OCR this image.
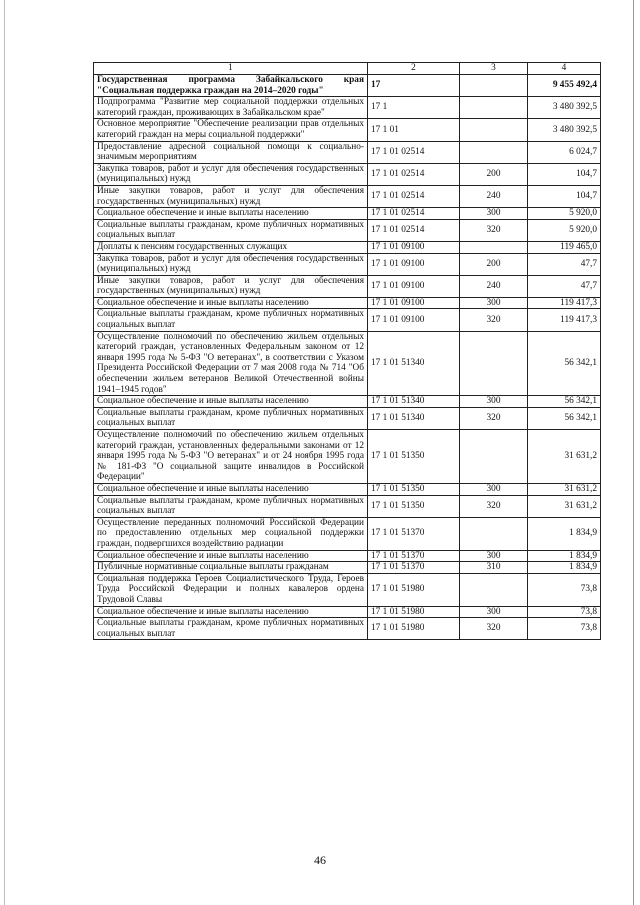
1	2	3	4
Государственная программа Забайкальского края "Социальная поддержка граждан на 2014–2020 годы"	17		9 455 492,4
Подпрограмма "Развитие мер социальной поддержки отдельных категорий граждан, проживающих в Забайкальском крае"	17 1		3 480 392,5
Основное мероприятие "Обеспечение реализации прав отдельных категорий граждан на меры социальной поддержки"	17 1 01		3 480 392,5
Предоставление адресной социальной помощи к социально-значимым мероприятиям	17 1 01 02514		6 024,7
Закупка товаров, работ и услуг для обеспечения государственных (муниципальных) нужд	17 1 01 02514	200	104,7
Иные закупки товаров, работ и услуг для обеспечения государственных (муниципальных) нужд	17 1 01 02514	240	104,7
Социальное обеспечение и иные выплаты населению	17 1 01 02514	300	5 920,0
Социальные выплаты гражданам, кроме публичных нормативных социальных выплат	17 1 01 02514	320	5 920,0
Доплаты к пенсиям государственных служащих	17 1 01 09100		119 465,0
Закупка товаров, работ и услуг для обеспечения государственных (муниципальных) нужд	17 1 01 09100	200	47,7
Иные закупки товаров, работ и услуг для обеспечения государственных (муниципальных) нужд	17 1 01 09100	240	47,7
Социальное обеспечение и иные выплаты населению	17 1 01 09100	300	119 417,3
Социальные выплаты гражданам, кроме публичных нормативных социальных выплат	17 1 01 09100	320	119 417,3
Осуществление полномочий по обеспечению жильем отдельных категорий граждан, установленных Федеральным законом от 12 января 1995 года № 5-ФЗ "О ветеранах", в соответствии с Указом Президента Российской Федерации от 7 мая 2008 года № 714 "Об обеспечении жильем ветеранов Великой Отечественной войны 1941–1945 годов"	17 1 01 51340		56 342,1
Социальное обеспечение и иные выплаты населению	17 1 01 51340	300	56 342,1
Социальные выплаты гражданам, кроме публичных нормативных социальных выплат	17 1 01 51340	320	56 342,1
Осуществление полномочий по обеспечению жильем отдельных категорий граждан, установленных федеральными законами от 12 января 1995 года № 5-ФЗ "О ветеранах" и от 24 ноября 1995 года № 181-ФЗ "О социальной защите инвалидов в Российской Федерации"	17 1 01 51350		31 631,2
Социальное обеспечение и иные выплаты населению	17 1 01 51350	300	31 631,2
Социальные выплаты гражданам, кроме публичных нормативных социальных выплат	17 1 01 51350	320	31 631,2
Осуществление переданных полномочий Российской Федерации по предоставлению отдельных мер социальной поддержки граждан, подвергшихся воздействию радиации	17 1 01 51370		1 834,9
Социальное обеспечение и иные выплаты населению	17 1 01 51370	300	1 834,9
Публичные нормативные социальные выплаты гражданам	17 1 01 51370	310	1 834,9
Социальная поддержка Героев Социалистического Труда, Героев Труда Российской Федерации и полных кавалеров ордена Трудовой Славы	17 1 01 51980		73,8
Социальное обеспечение и иные выплаты населению	17 1 01 51980	300	73,8
Социальные выплаты гражданам, кроме публичных нормативных социальных выплат	17 1 01 51980	320	73,8
46
